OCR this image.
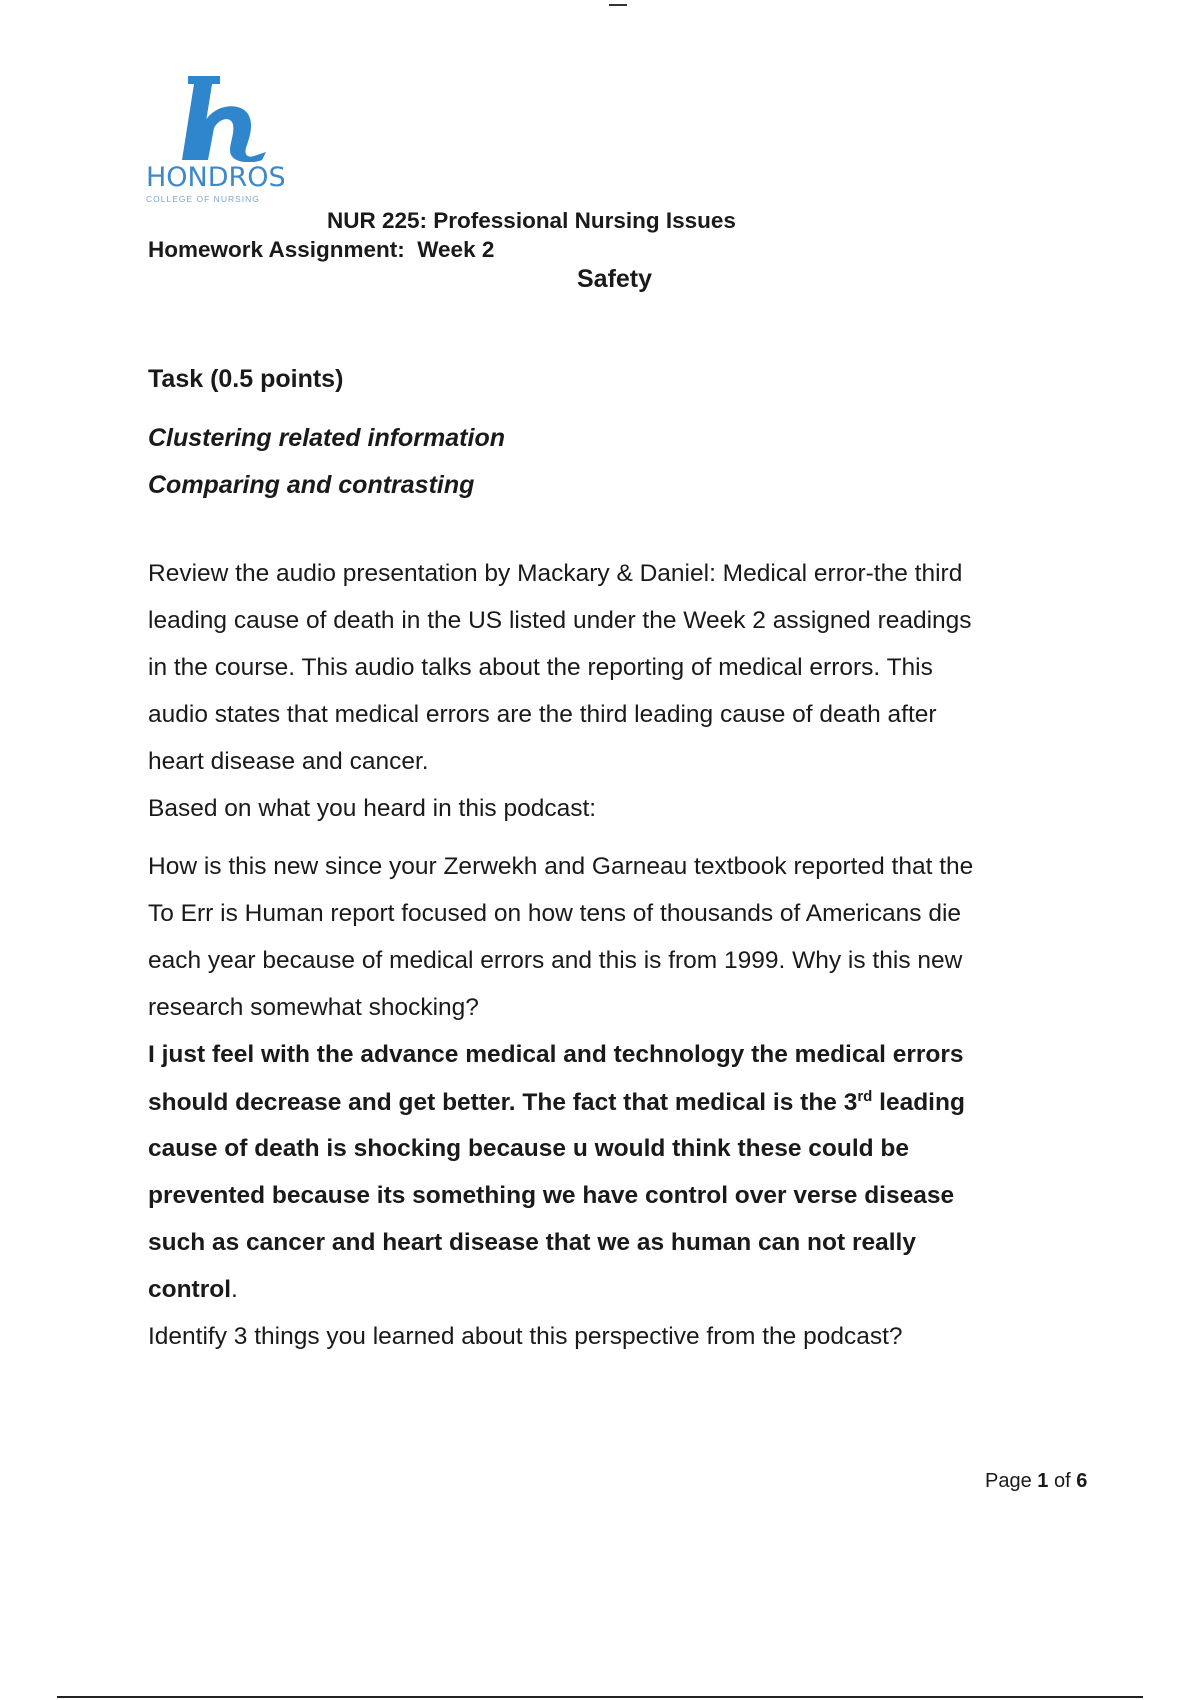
HONDROS
COLLEGE OF NURSING
NUR 225: Professional Nursing Issues
Homework Assignment:  Week 2
Safety
Task (0.5 points)
Clustering related information
Comparing and contrasting
Review the audio presentation by Mackary & Daniel: Medical error-the third
leading cause of death in the US listed under the Week 2 assigned readings
in the course. This audio talks about the reporting of medical errors. This
audio states that medical errors are the third leading cause of death after
heart disease and cancer.
Based on what you heard in this podcast:
How is this new since your Zerwekh and Garneau textbook reported that the
To Err is Human report focused on how tens of thousands of Americans die
each year because of medical errors and this is from 1999. Why is this new
research somewhat shocking?
I just feel with the advance medical and technology the medical errors
should decrease and get better. The fact that medical is the 3rd leading
cause of death is shocking because u would think these could be
prevented because its something we have control over verse disease
such as cancer and heart disease that we as human can not really
control.
Identify 3 things you learned about this perspective from the podcast?
Page 1 of 6
